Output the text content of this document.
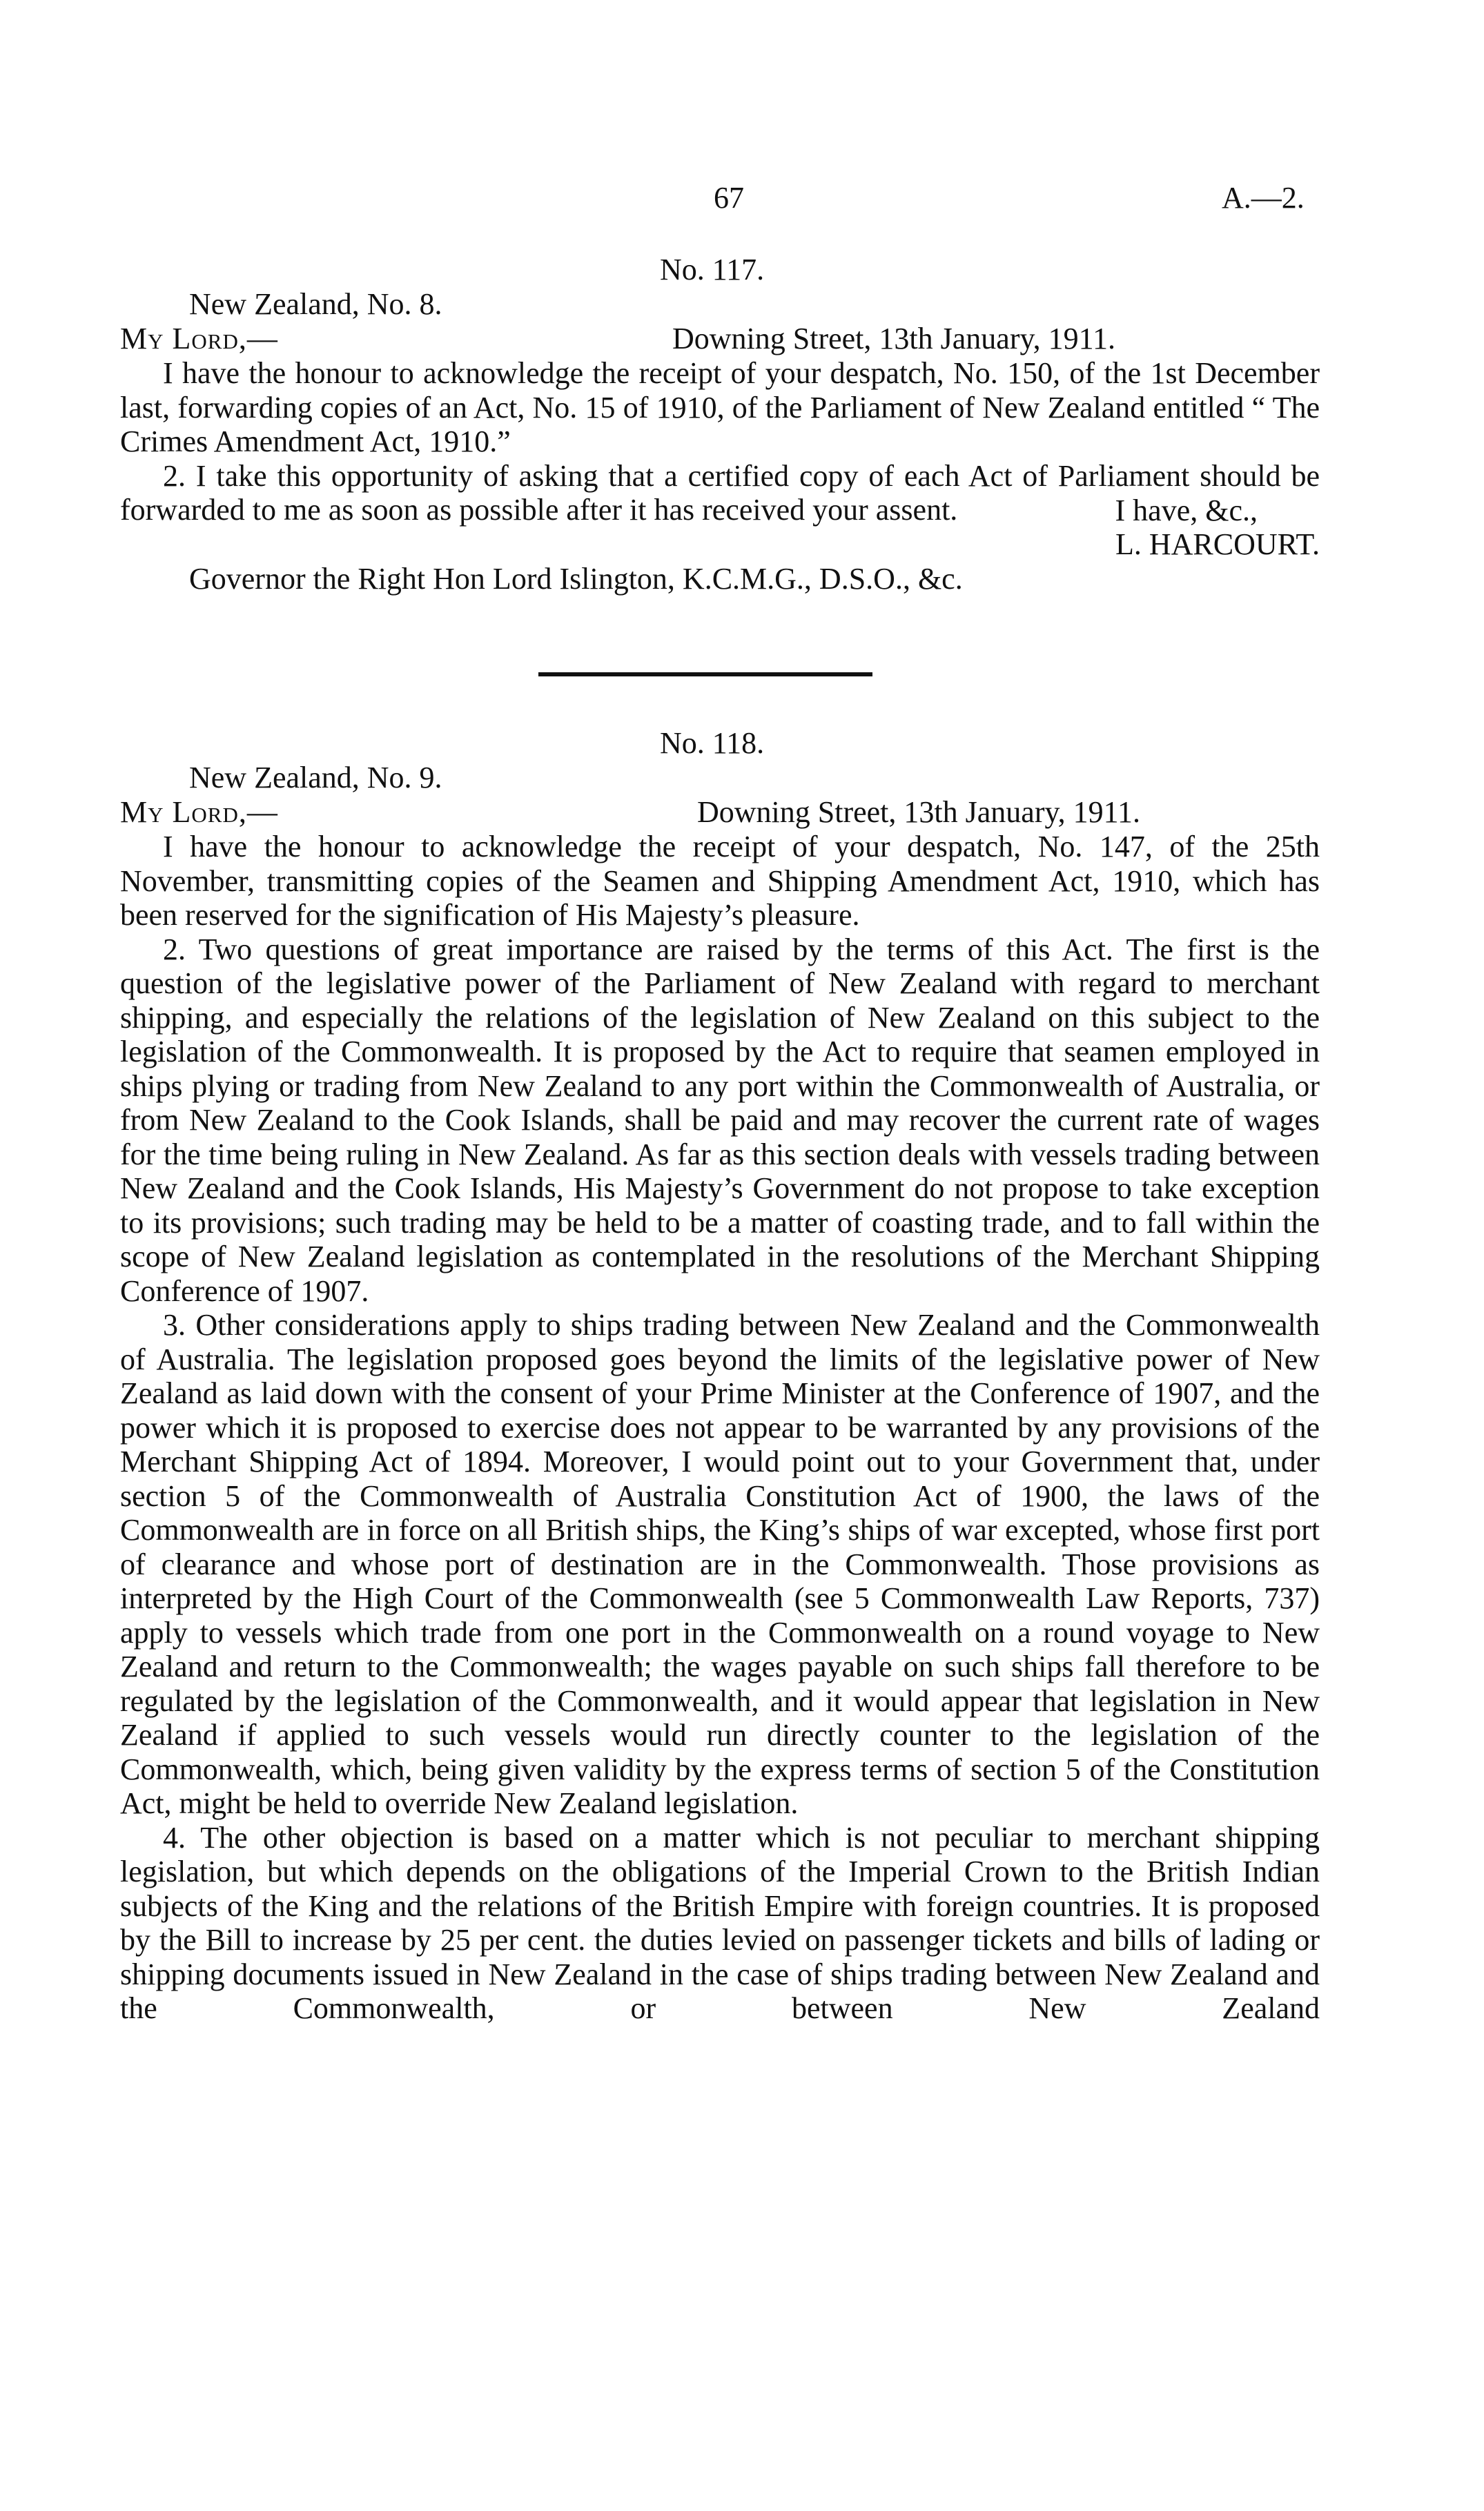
67	A.—2.
No. 117.
New Zealand, No. 8.
My Lord,—	Downing Street, 13th January, 1911.

I have the honour to acknowledge the receipt of your despatch, No. 150, of the 1st December last, forwarding copies of an Act, No. 15 of 1910, of the Parliament of New Zealand entitled “ The Crimes Amendment Act, 1910.”

2. I take this opportunity of asking that a certified copy of each Act of Parliament should be forwarded to me as soon as possible after it has received your assent.	I have, &c.,
L. HARCOURT.
Governor the Right Hon Lord Islington, K.C.M.G., D.S.O., &c.
No. 118.
New Zealand, No. 9.
My Lord,—	Downing Street, 13th January, 1911.

I have the honour to acknowledge the receipt of your despatch, No. 147, of the 25th November, transmitting copies of the Seamen and Shipping Amendment Act, 1910, which has been reserved for the signification of His Majesty’s pleasure.

2. Two questions of great importance are raised by the terms of this Act. The first is the question of the legislative power of the Parliament of New Zealand with regard to merchant shipping, and especially the relations of the legislation of New Zealand on this subject to the legislation of the Commonwealth. It is proposed by the Act to require that seamen employed in ships plying or trading from New Zealand to any port within the Commonwealth of Australia, or from New Zealand to the Cook Islands, shall be paid and may recover the current rate of wages for the time being ruling in New Zealand. As far as this section deals with vessels trading between New Zealand and the Cook Islands, His Majesty’s Government do not propose to take exception to its provisions; such trading may be held to be a matter of coasting trade, and to fall within the scope of New Zealand legislation as contemplated in the resolutions of the Merchant Shipping Conference of 1907.

3. Other considerations apply to ships trading between New Zealand and the Commonwealth of Australia. The legislation proposed goes beyond the limits of the legislative power of New Zealand as laid down with the consent of your Prime Minister at the Conference of 1907, and the power which it is proposed to exercise does not appear to be warranted by any provisions of the Merchant Shipping Act of 1894. Moreover, I would point out to your Government that, under section 5 of the Commonwealth of Australia Constitution Act of 1900, the laws of the Commonwealth are in force on all British ships, the King’s ships of war excepted, whose first port of clearance and whose port of destination are in the Commonwealth. Those provisions as interpreted by the High Court of the Commonwealth (see 5 Commonwealth Law Reports, 737) apply to vessels which trade from one port in the Commonwealth on a round voyage to New Zealand and return to the Commonwealth; the wages payable on such ships fall therefore to be regulated by the legislation of the Commonwealth, and it would appear that legislation in New Zealand if applied to such vessels would run directly counter to the legislation of the Commonwealth, which, being given validity by the express terms of section 5 of the Constitution Act, might be held to override New Zealand legislation.

4. The other objection is based on a matter which is not peculiar to merchant shipping legislation, but which depends on the obligations of the Imperial Crown to the British Indian subjects of the King and the relations of the British Empire with foreign countries. It is proposed by the Bill to increase by 25 per cent. the duties levied on passenger tickets and bills of lading or shipping documents issued in New Zealand in the case of ships trading between New Zealand and the Commonwealth, or between New Zealand
